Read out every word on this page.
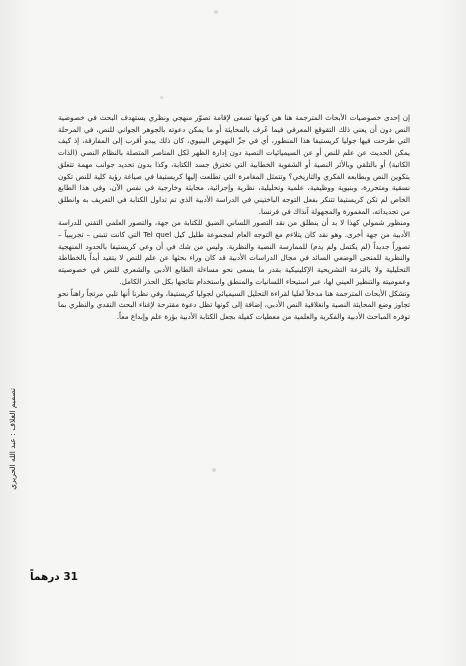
إن إحدى خصوصيات الأبحاث المترجمة هنا هي كونها تسعى لإقامة تصوّر منهجي ونظري يستهدف البحث في خصوصية النص دون أن يعني ذلك التقوقع المعرفي فيما عُرف بالمحايثة أو ما يمكن دعوته بالجوهر الجواني للنص، في المرحلة التي طرحت فيها جوليا كريستيفا هذا المنظور، أي في جزّ النهوض البنيوي، كان ذلك يبدو أقرب إلى المفارقة، إذ كيف يمكن الحديث عن علم للنص أو عن السيميائيات النصية دون إدارة الظهر لكل المناصر المتصلة بالنظام النصي (الذات الكاتبة) أو بالتلقي وبالأثر النصية أو الشفوية الخطابية التي تخترق جسد الكتابة، وكذا بدون تحديد جوانب مهمة تتعلق بتكوين النص وبطابعه الفكري والتاريخي؟ وتتمثل المغامرة التي تطلعت إليها كريستيفا في صياغة رؤية كلية للنص تكون نسقية ومتحررة، وبنيوية ووظيفية، علمية وتحليلية، نظرية وإجرائية، محايثة وخارجية في نفس الآن، وفي هذا الطابع الخاص لم تكن كريستيفا تتنكر بفعل التوجه الباختيني في الدراسة الأدبية الذي تم تداول الكتابة في التعريف به وانطلق من تجديداته، المغمورة والمجهولة آنذاك في فرنسا.

ومنظور شمولي كهذا لا بد أن ينطلق من نقد التصور اللساني الضيق للكتابة من جهة، والتصور العلمي التقني للدراسة الأدبية من جهة أخرى. وهو نقد كان يتلاءم مع التوجه العام لمجموعة طليل كيل Tel quel التي كانت تتبنى – تجريبياً – تصوراً جديداً (لم يكتمل ولم يدم) للممارسة النصية والنظرية. وليس من شك في أن وعي كريستيفا بالحدود المنهجية والنظرية للمنحى الوضعي السائد في مجال الدراسات الأدبية قد كان وراء بحثها عن علم للنص لا يتقيد أبداً بالخطاطة التحليلية ولا بالنزعة التشريحية الإكلينيكية بقدر ما يسعى نحو مساءلة الطابع الأدبي والشعري للنص في خصوصيته وعموميته والتنظير العيني لها، عبر استيحاء اللسانيات والمنطق واستخدام نتائجها بكل الحذر الكامل.

وتشكل الأبحاث المترجمة هنا مدخلاً لعليا لقراءة التحليل السيميائي لجوليا كريستيفا، وفي نظرنا أنها تلبي مرتجاً راهناً نحو تجاوز وضع المحايثة النصية وانغلاقية النص الأدبي، إضافة إلى كونها تظل دعوة مقترحة لإغناء البحث النقدي والنظري بما توفره المباحث الأدبية والفكرية والعلمية من معطيات كفيلة بجعل الكتابة الأدبية بؤرة علم وإبداع معاً.

تصميم الغلاف : عبد الله الحريري
31 درهماً
